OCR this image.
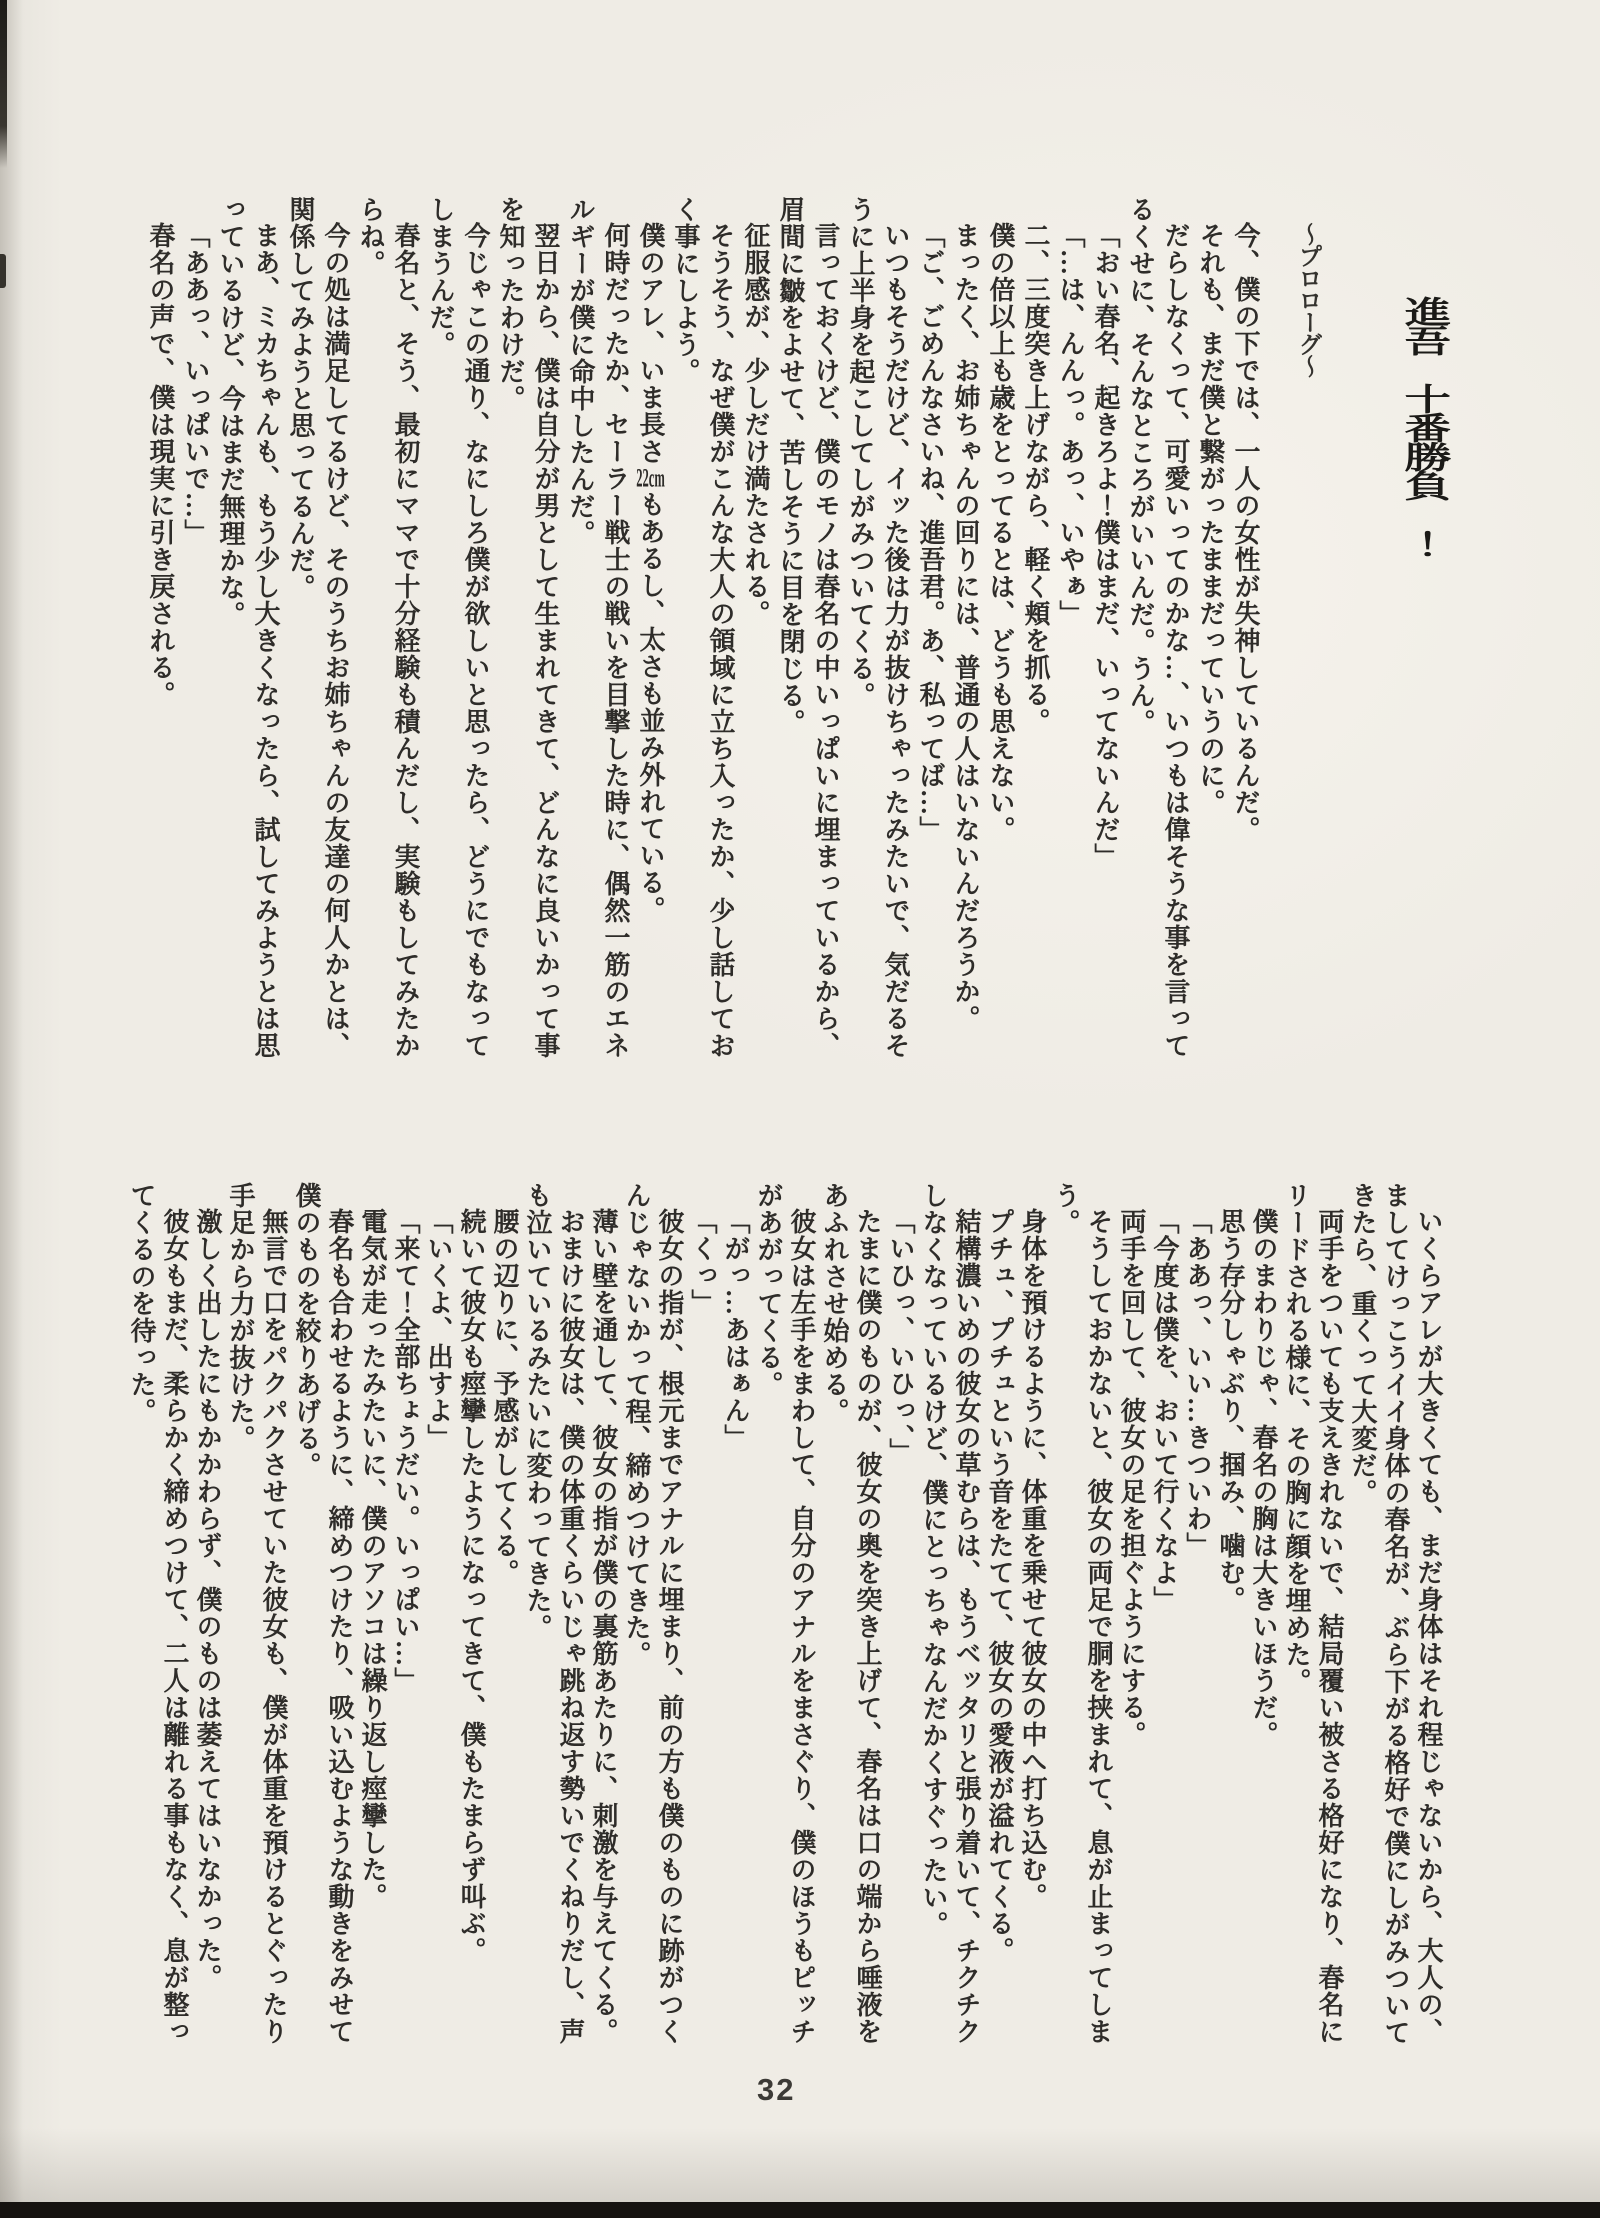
進吾　十番勝負　！
～プロローグ～

今、僕の下では、一人の女性が失神しているんだ。

それも、まだ僕と繋がったままだっていうのに。

だらしなくって、可愛いってのかな…、いつもは偉そうな事を言ってるくせに、そんなところがいいんだ。うん。

「おい春名、起きろよ！僕はまだ、いってないんだ」

「…は、んんっ。あっ、いやぁ」

二、三度突き上げながら、軽く頬を抓る。

僕の倍以上も歳をとってるとは、どうも思えない。

まったく、お姉ちゃんの回りには、普通の人はいないんだろうか。

「ご、ごめんなさいね、進吾君。あ、私ってば…」

いつもそうだけど、イッた後は力が抜けちゃったみたいで、気だるそうに上半身を起こしてしがみついてくる。

言っておくけど、僕のモノは春名の中いっぱいに埋まっているから、眉間に皺をよせて、苦しそうに目を閉じる。

征服感が、少しだけ満たされる。

そうそう、なぜ僕がこんな大人の領域に立ち入ったか、少し話しておく事にしよう。

僕のアレ、いま長さ22cmもあるし、太さも並み外れている。

何時だったか、セーラー戦士の戦いを目撃した時に、偶然一筋のエネルギーが僕に命中したんだ。

翌日から、僕は自分が男として生まれてきて、どんなに良いかって事を知ったわけだ。

今じゃこの通り、なにしろ僕が欲しいと思ったら、どうにでもなってしまうんだ。

春名と、そう、最初にママで十分経験も積んだし、実験もしてみたからね。

今の処は満足してるけど、そのうちお姉ちゃんの友達の何人かとは、関係してみようと思ってるんだ。

まあ、ミカちゃんも、もう少し大きくなったら、試してみようとは思っているけど、今はまだ無理かな。

「ああっ、いっぱいで…」

春名の声で、僕は現実に引き戻される。

いくらアレが大きくても、まだ身体はそれ程じゃないから、大人の、ましてけっこうイイ身体の春名が、ぶら下がる格好で僕にしがみついてきたら、重くって大変だ。

両手をついても支えきれないで、結局覆い被さる格好になり、春名にリードされる様に、その胸に顔を埋めた。

僕のまわりじゃ、春名の胸は大きいほうだ。

思う存分しゃぶり、掴み、噛む。

「ああっ、いい…きついわ」

「今度は僕を、おいて行くなよ」

両手を回して、彼女の足を担ぐようにする。

そうしておかないと、彼女の両足で胴を挟まれて、息が止まってしまう。

身体を預けるように、体重を乗せて彼女の中へ打ち込む。

プチュ、プチュという音をたてて、彼女の愛液が溢れてくる。

結構濃いめの彼女の草むらは、もうベッタリと張り着いて、チクチクしなくなっているけど、僕にとっちゃなんだかくすぐったい。

「いひっ、いひっ、」

たまに僕のものが、彼女の奥を突き上げて、春名は口の端から唾液をあふれさせ始める。

彼女は左手をまわして、自分のアナルをまさぐり、僕のほうもピッチがあがってくる。

「がっ…あはぁん」

「くっ」

彼女の指が、根元までアナルに埋まり、前の方も僕のものに跡がつくんじゃないかって程、締めつけてきた。

薄い壁を通して、彼女の指が僕の裏筋あたりに、刺激を与えてくる。

おまけに彼女は、僕の体重くらいじゃ跳ね返す勢いでくねりだし、声も泣いているみたいに変わってきた。

腰の辺りに、予感がしてくる。

続いて彼女も痙攣したようになってきて、僕もたまらず叫ぶ。

「いくよ、出すよ」

「来て！全部ちょうだい。いっぱい…」

電気が走ったみたいに、僕のアソコは繰り返し痙攣した。

春名も合わせるように、締めつけたり、吸い込むような動きをみせて僕のものを絞りあげる。

無言で口をパクパクさせていた彼女も、僕が体重を預けるとぐったり手足から力が抜けた。

激しく出したにもかかわらず、僕のものは萎えてはいなかった。

彼女もまだ、柔らかく締めつけて、二人は離れる事もなく、息が整ってくるのを待った。

32
